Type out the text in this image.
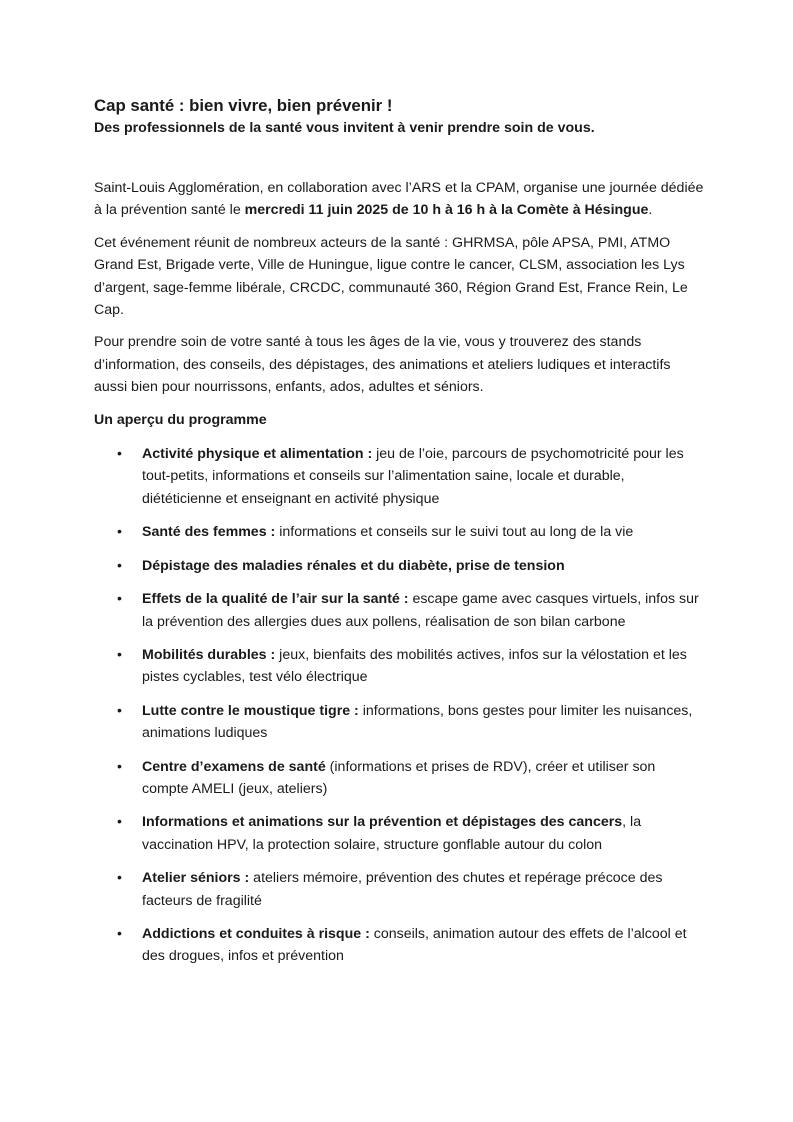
Cap santé : bien vivre, bien prévenir !
Des professionnels de la santé vous invitent à venir prendre soin de vous.

Saint-Louis Agglomération, en collaboration avec l’ARS et la CPAM, organise une journée dédiée à la prévention santé le mercredi 11 juin 2025 de 10 h à 16 h à la Comète à Hésingue.

Cet événement réunit de nombreux acteurs de la santé : GHRMSA, pôle APSA, PMI, ATMO Grand Est, Brigade verte, Ville de Huningue, ligue contre le cancer, CLSM, association les Lys d’argent, sage-femme libérale, CRCDC, communauté 360, Région Grand Est, France Rein, Le Cap.

Pour prendre soin de votre santé à tous les âges de la vie, vous y trouverez des stands d’information, des conseils, des dépistages, des animations et ateliers ludiques et interactifs aussi bien pour nourrissons, enfants, ados, adultes et séniors.

Un aperçu du programme
• Activité physique et alimentation : jeu de l’oie, parcours de psychomotricité pour les tout-petits, informations et conseils sur l’alimentation saine, locale et durable, diététicienne et enseignant en activité physique
• Santé des femmes : informations et conseils sur le suivi tout au long de la vie
• Dépistage des maladies rénales et du diabète, prise de tension
• Effets de la qualité de l’air sur la santé : escape game avec casques virtuels, infos sur la prévention des allergies dues aux pollens, réalisation de son bilan carbone
• Mobilités durables : jeux, bienfaits des mobilités actives, infos sur la vélostation et les pistes cyclables, test vélo électrique
• Lutte contre le moustique tigre : informations, bons gestes pour limiter les nuisances, animations ludiques
• Centre d’examens de santé (informations et prises de RDV), créer et utiliser son compte AMELI (jeux, ateliers)
• Informations et animations sur la prévention et dépistages des cancers, la vaccination HPV, la protection solaire, structure gonflable autour du colon
• Atelier séniors : ateliers mémoire, prévention des chutes et repérage précoce des facteurs de fragilité
• Addictions et conduites à risque : conseils, animation autour des effets de l’alcool et des drogues, infos et prévention
